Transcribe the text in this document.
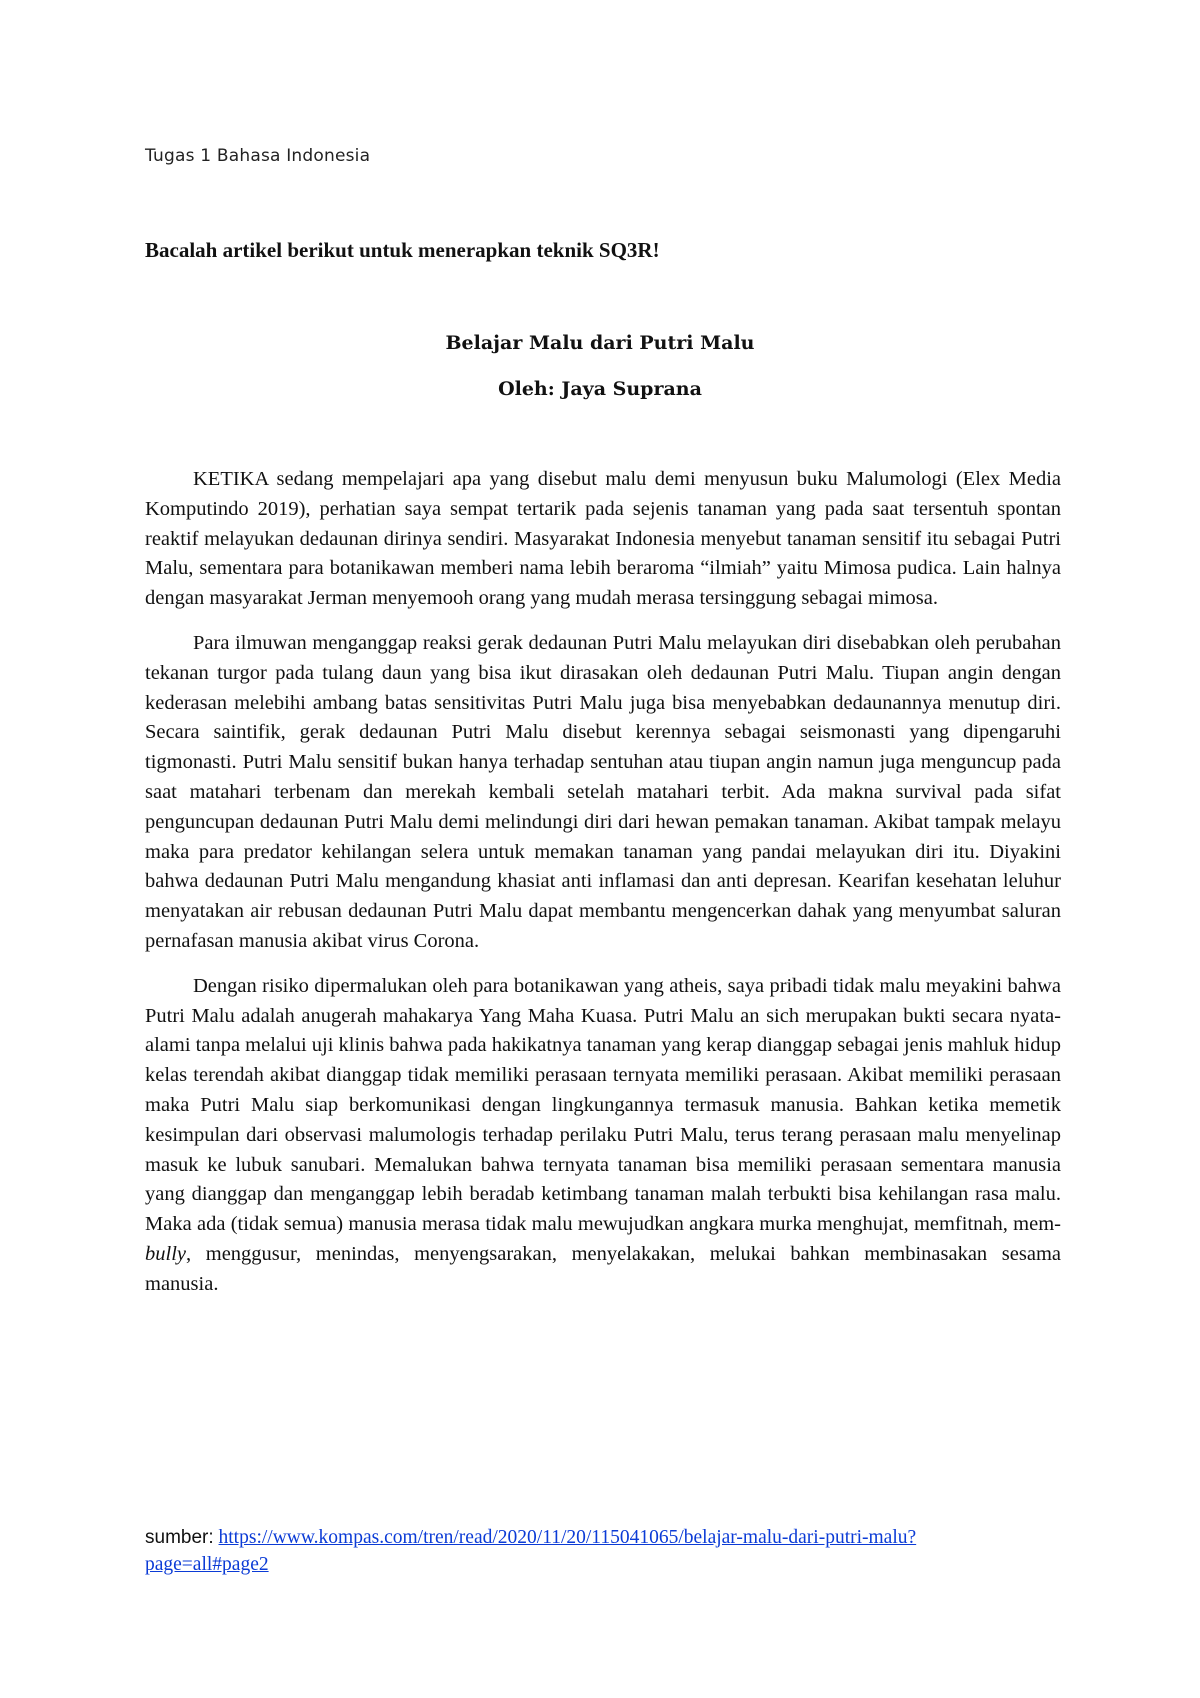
Tugas 1 Bahasa Indonesia
Bacalah artikel berikut untuk menerapkan teknik SQ3R!
Belajar Malu dari Putri Malu
Oleh: Jaya Suprana

KETIKA sedang mempelajari apa yang disebut malu demi menyusun buku Malumologi (Elex Media Komputindo 2019), perhatian saya sempat tertarik pada sejenis tanaman yang pada saat tersentuh spontan reaktif melayukan dedaunan dirinya sendiri. Masyarakat Indonesia menyebut tanaman sensitif itu sebagai Putri Malu, sementara para botanikawan memberi nama lebih beraroma “ilmiah” yaitu Mimosa pudica. Lain halnya dengan masyarakat Jerman menyemooh orang yang mudah merasa tersinggung sebagai mimosa.

Para ilmuwan menganggap reaksi gerak dedaunan Putri Malu melayukan diri disebabkan oleh perubahan tekanan turgor pada tulang daun yang bisa ikut dirasakan oleh dedaunan Putri Malu. Tiupan angin dengan kederasan melebihi ambang batas sensitivitas Putri Malu juga bisa menyebabkan dedaunannya menutup diri. Secara saintifik, gerak dedaunan Putri Malu disebut kerennya sebagai seismonasti yang dipengaruhi tigmonasti. Putri Malu sensitif bukan hanya terhadap sentuhan atau tiupan angin namun juga menguncup pada saat matahari terbenam dan merekah kembali setelah matahari terbit. Ada makna survival pada sifat penguncupan dedaunan Putri Malu demi melindungi diri dari hewan pemakan tanaman. Akibat tampak melayu maka para predator kehilangan selera untuk memakan tanaman yang pandai melayukan diri itu. Diyakini bahwa dedaunan Putri Malu mengandung khasiat anti inflamasi dan anti depresan. Kearifan kesehatan leluhur menyatakan air rebusan dedaunan Putri Malu dapat membantu mengencerkan dahak yang menyumbat saluran pernafasan manusia akibat virus Corona.

Dengan risiko dipermalukan oleh para botanikawan yang atheis, saya pribadi tidak malu meyakini bahwa Putri Malu adalah anugerah mahakarya Yang Maha Kuasa. Putri Malu an sich merupakan bukti secara nyata-alami tanpa melalui uji klinis bahwa pada hakikatnya tanaman yang kerap dianggap sebagai jenis mahluk hidup kelas terendah akibat dianggap tidak memiliki perasaan ternyata memiliki perasaan. Akibat memiliki perasaan maka Putri Malu siap berkomunikasi dengan lingkungannya termasuk manusia. Bahkan ketika memetik kesimpulan dari observasi malumologis terhadap perilaku Putri Malu, terus terang perasaan malu menyelinap masuk ke lubuk sanubari. Memalukan bahwa ternyata tanaman bisa memiliki perasaan sementara manusia yang dianggap dan menganggap lebih beradab ketimbang tanaman malah terbukti bisa kehilangan rasa malu. Maka ada (tidak semua) manusia merasa tidak malu mewujudkan angkara murka menghujat, memfitnah, mem-bully, menggusur, menindas, menyengsarakan, menyelakakan, melukai bahkan membinasakan sesama manusia.

sumber: https://www.kompas.com/tren/read/2020/11/20/115041065/belajar-malu-dari-putri-malu?page=all#page2
